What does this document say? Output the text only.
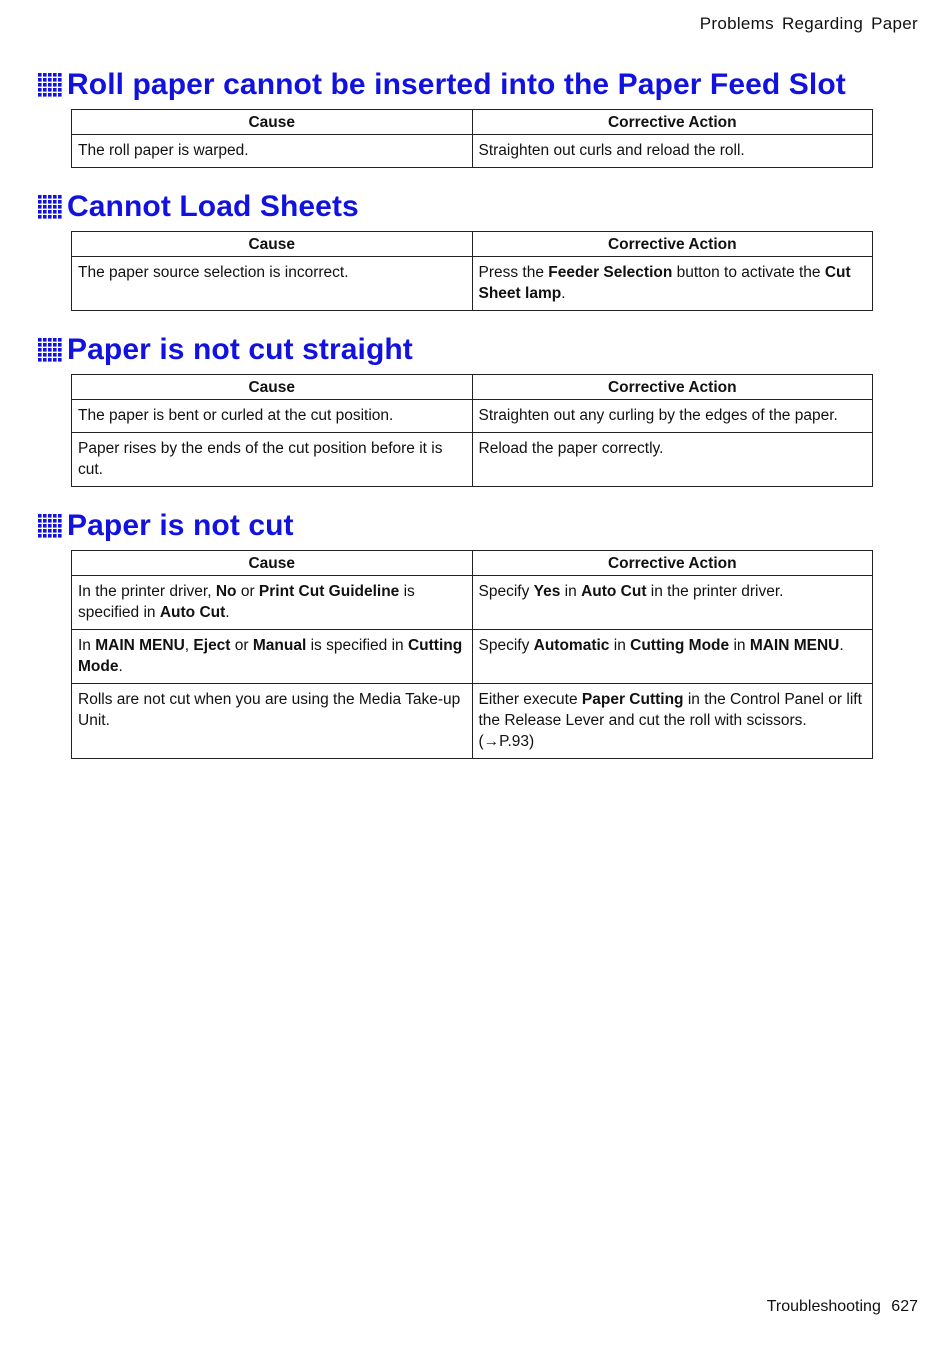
Problems Regarding Paper
Roll paper cannot be inserted into the Paper Feed Slot
Cause	Corrective Action
The roll paper is warped.	Straighten out curls and reload the roll.
Cannot Load Sheets
Cause	Corrective Action
The paper source selection is incorrect.	Press the Feeder Selection button to activate the Cut Sheet lamp.
Paper is not cut straight
Cause	Corrective Action
The paper is bent or curled at the cut position.	Straighten out any curling by the edges of the paper.
Paper rises by the ends of the cut position before it is cut.	Reload the paper correctly.
Paper is not cut
Cause	Corrective Action
In the printer driver, No or Print Cut Guideline is specified in Auto Cut.	Specify Yes in Auto Cut in the printer driver.
In MAIN MENU, Eject or Manual is specified in Cutting Mode.	Specify Automatic in Cutting Mode in MAIN MENU.
Rolls are not cut when you are using the Media Take-up Unit.	Either execute Paper Cutting in the Control Panel or lift the Release Lever and cut the roll with scissors. (→P.93)
Troubleshooting 627
